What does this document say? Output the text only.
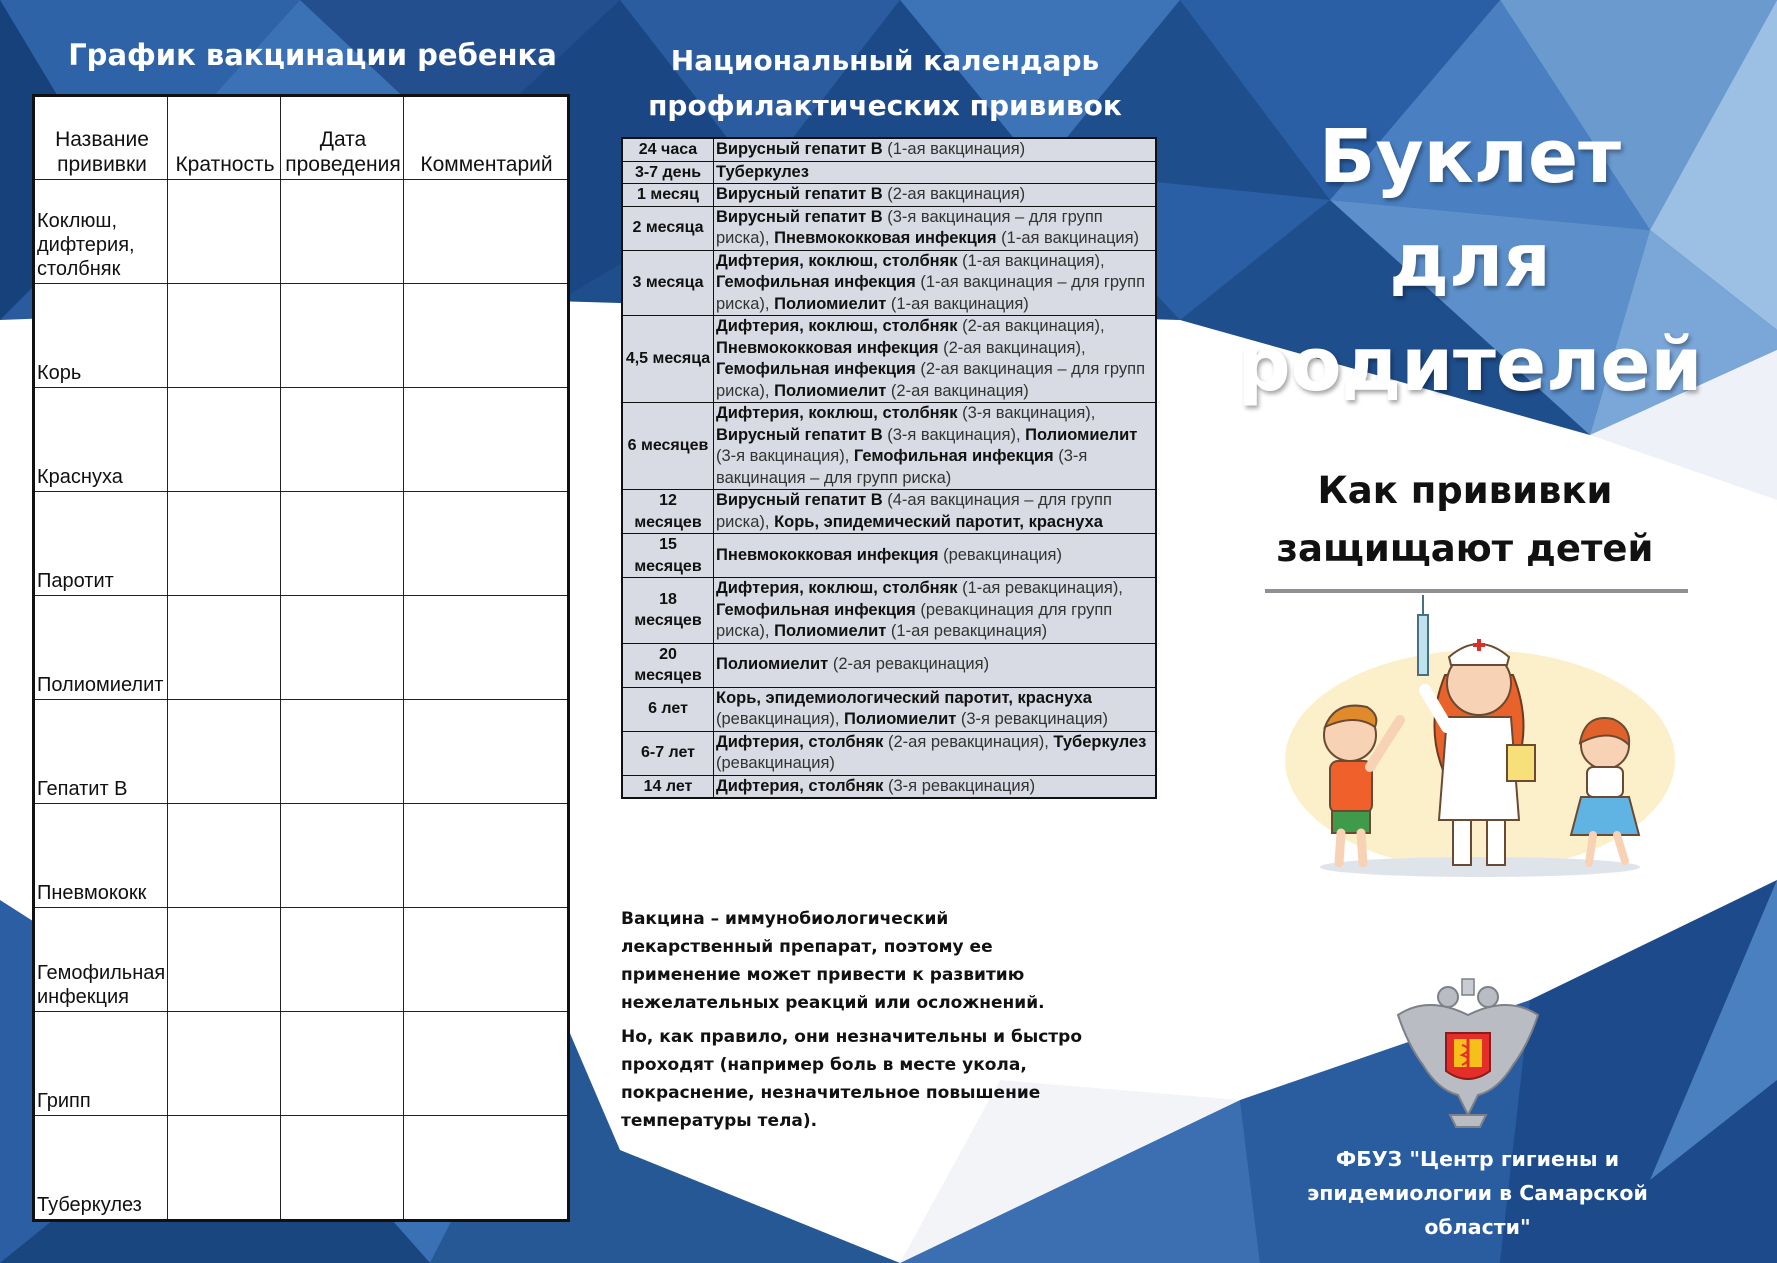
График вакцинации ребенка
Название прививки	Кратность	Дата проведения	Комментарий
Коклюш, дифтерия, столбняк			
Корь			
Краснуха			
Паротит			
Полиомиелит			
Гепатит В			
Пневмококк			
Гемофильная инфекция			
Грипп			
Туберкулез			
Национальный календарь профилактических прививок
24 часа	Вирусный гепатит В (1-ая вакцинация)
3-7 день	Туберкулез
1 месяц	Вирусный гепатит В (2-ая вакцинация)
2 месяца	Вирусный гепатит В (3-я вакцинация – для групп риска), Пневмококковая инфекция (1-ая вакцинация)
3 месяца	Дифтерия, коклюш, столбняк (1-ая вакцинация), Гемофильная инфекция (1-ая вакцинация – для групп риска), Полиомиелит (1-ая вакцинация)
4,5 месяца	Дифтерия, коклюш, столбняк (2-ая вакцинация), Пневмококковая инфекция (2-ая вакцинация), Гемофильная инфекция (2-ая вакцинация – для групп риска), Полиомиелит (2-ая вакцинация)
6 месяцев	Дифтерия, коклюш, столбняк (3-я вакцинация), Вирусный гепатит В (3-я вакцинация), Полиомиелит (3-я вакцинация), Гемофильная инфекция (3-я вакцинация – для групп риска)
12 месяцев	Вирусный гепатит В (4-ая вакцинация – для групп риска), Корь, эпидемический паротит, краснуха
15 месяцев	Пневмококковая инфекция (ревакцинация)
18 месяцев	Дифтерия, коклюш, столбняк (1-ая ревакцинация), Гемофильная инфекция (ревакцинация для групп риска), Полиомиелит (1-ая ревакцинация)
20 месяцев	Полиомиелит (2-ая ревакцинация)
6 лет	Корь, эпидемиологический паротит, краснуха (ревакцинация), Полиомиелит (3-я ревакцинация)
6-7 лет	Дифтерия, столбняк (2-ая ревакцинация), Туберкулез (ревакцинация)
14 лет	Дифтерия, столбняк (3-я ревакцинация)

Вакцина – иммунобиологический лекарственный препарат, поэтому ее применение может привести к развитию нежелательных реакций или осложнений.

Но, как правило, они незначительны и быстро проходят (например боль в месте укола, покраснение, незначительное повышение температуры тела).

Буклет
для родителей
Как прививки
защищают детей
ФБУЗ "Центр гигиены и
эпидемиологии в Самарской
области"
